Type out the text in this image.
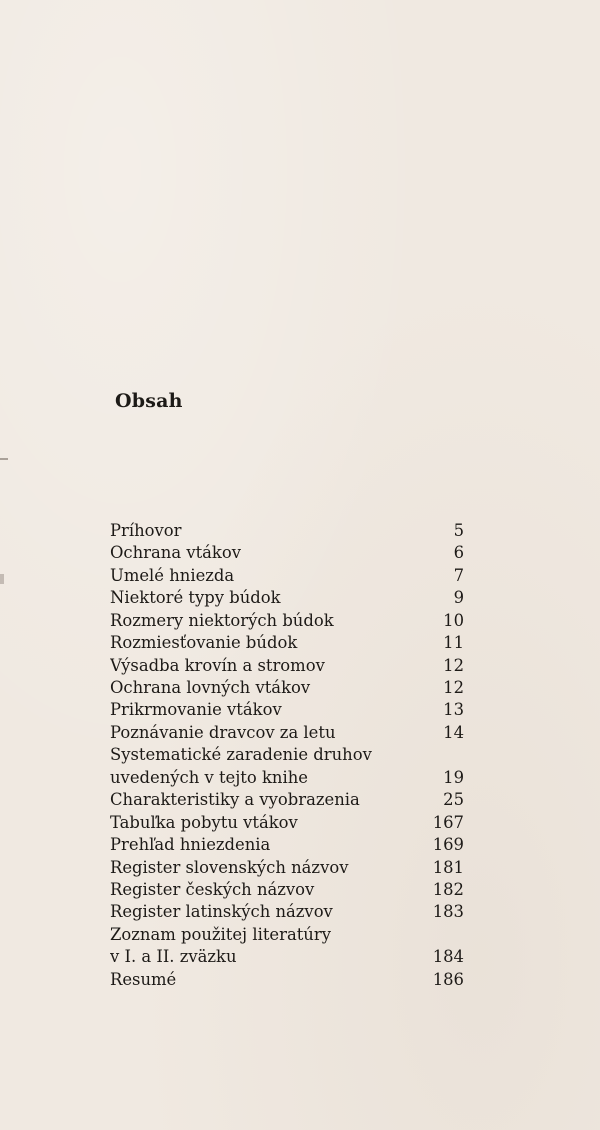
Obsah
Príhovor	5
Ochrana vtákov	6
Umelé hniezda	7
Niektoré typy búdok	9
Rozmery niektorých búdok	10
Rozmiesťovanie búdok	11
Výsadba krovín a stromov	12
Ochrana lovných vtákov	12
Prikrmovanie vtákov	13
Poznávanie dravcov za letu	14
Systematické zaradenie druhov
uvedených v tejto knihe	19
Charakteristiky a vyobrazenia	25
Tabuľka pobytu vtákov	167
Prehľad hniezdenia	169
Register slovenských názvov	181
Register českých názvov	182
Register latinských názvov	183
Zoznam použitej literatúry
v I. a II. zväzku	184
Resumé	186
